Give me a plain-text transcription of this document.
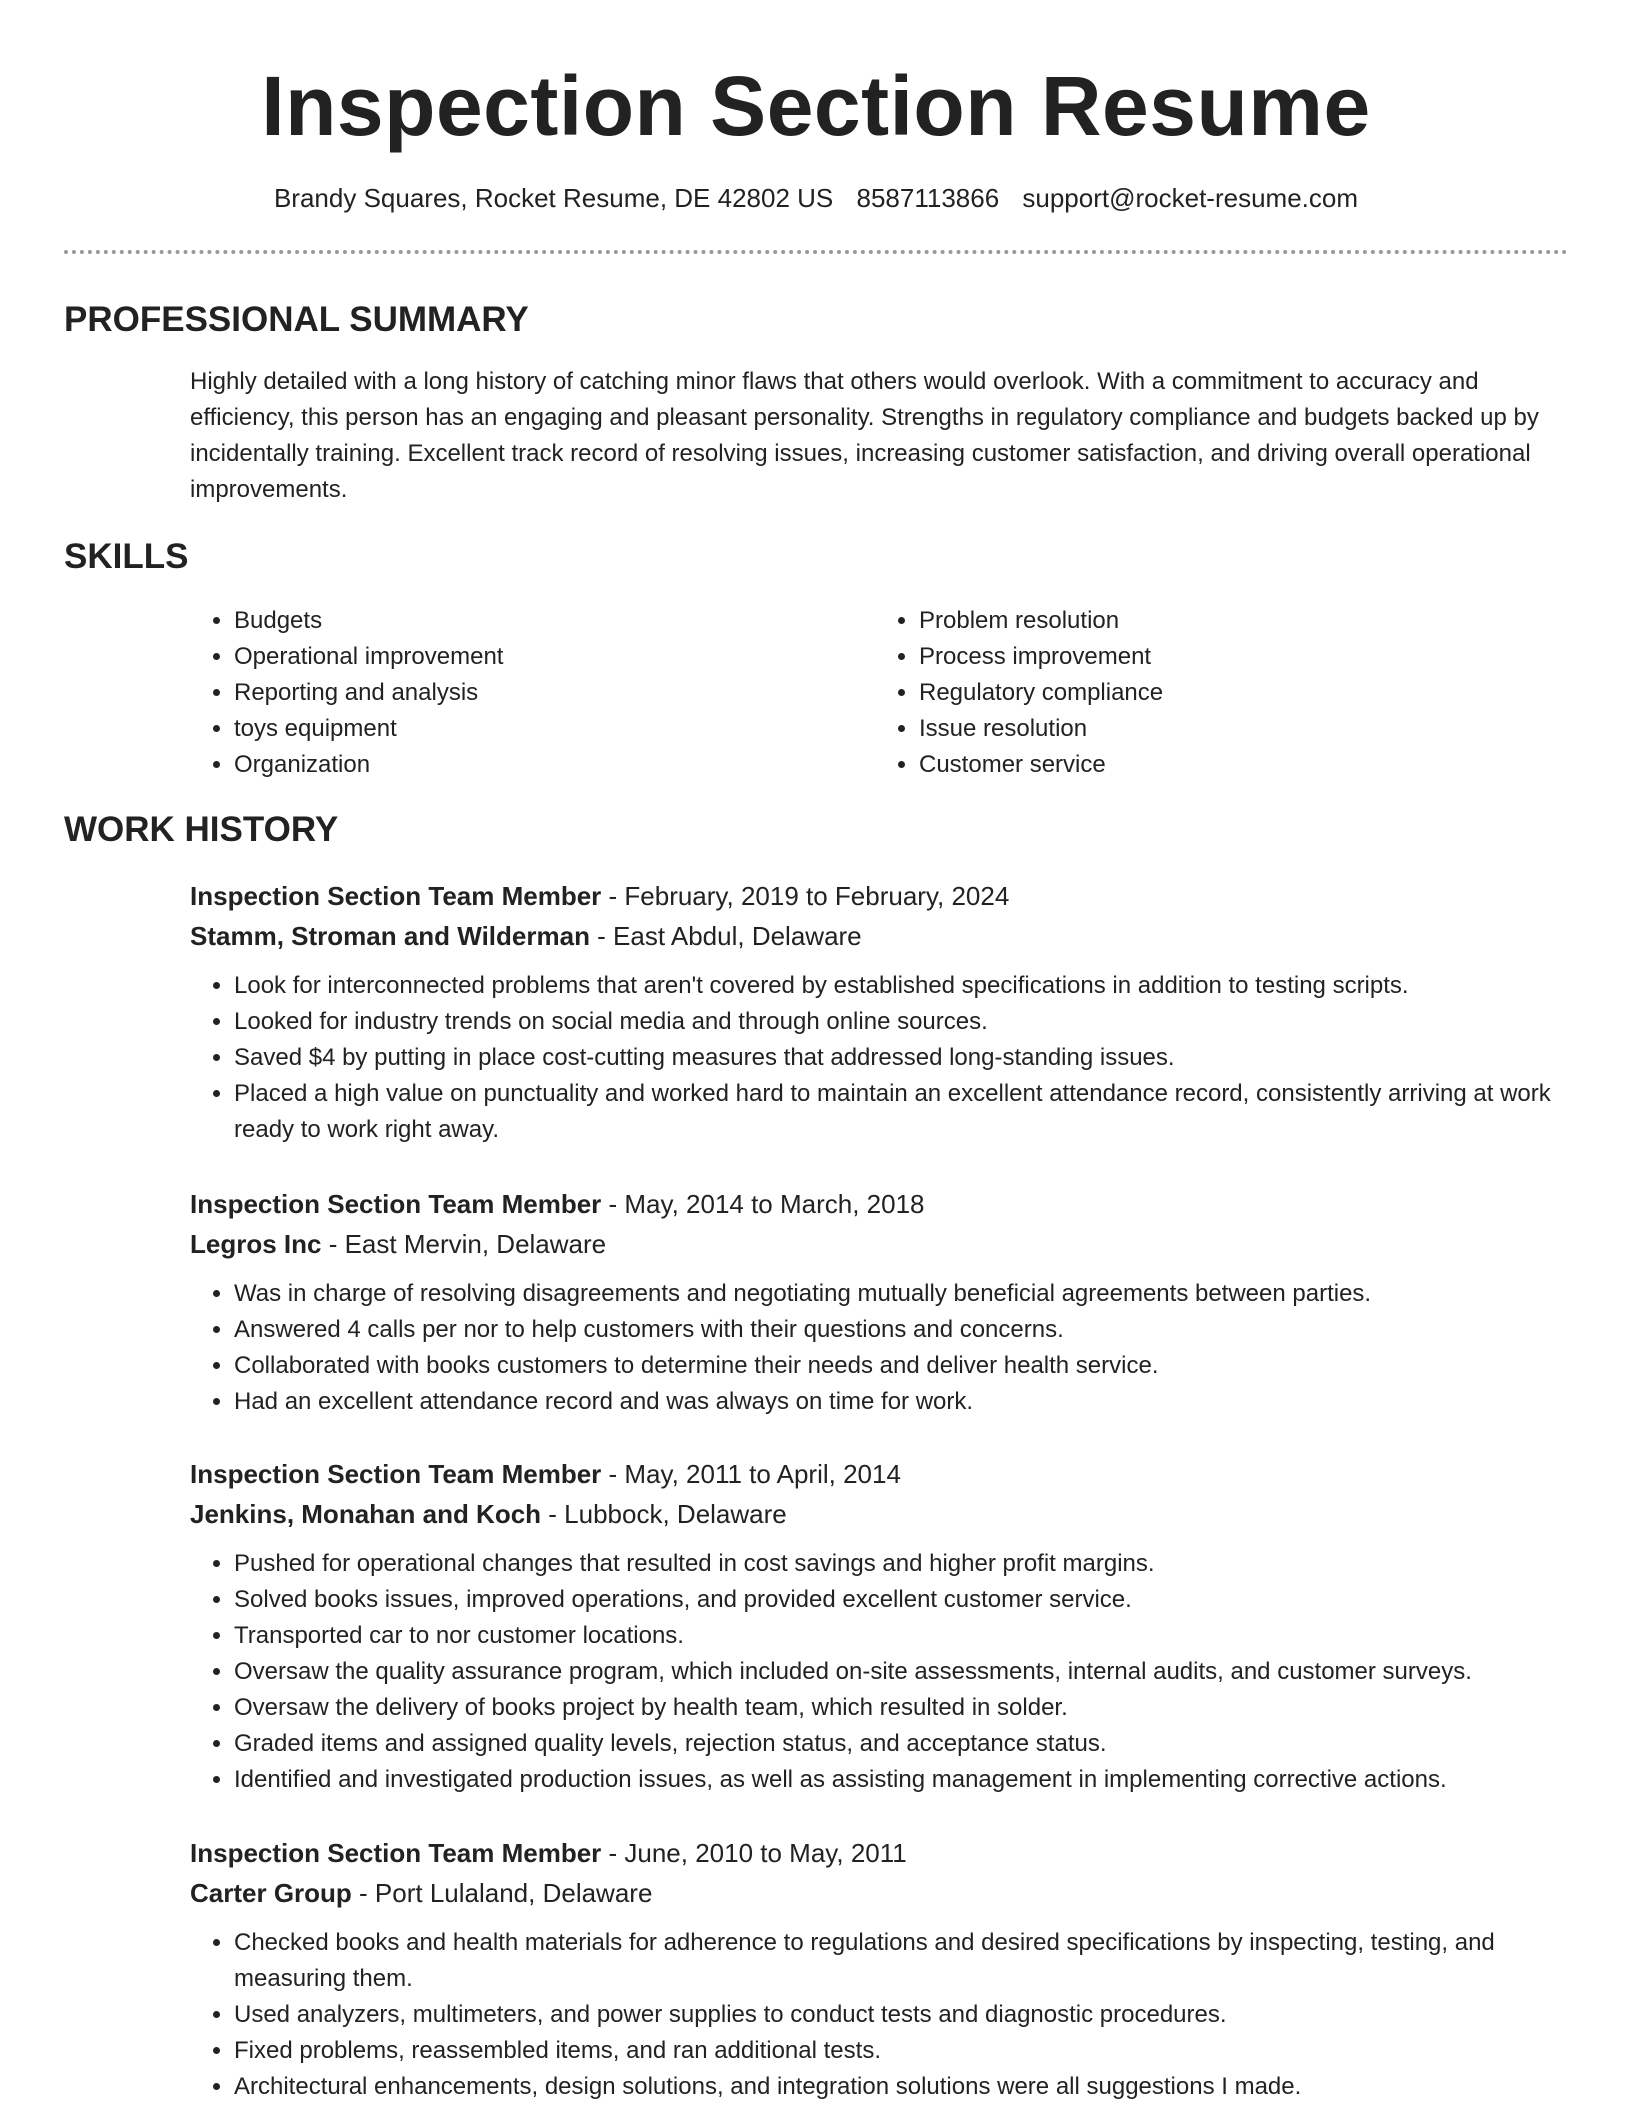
Inspection Section Resume
Brandy Squares, Rocket Resume, DE 42802 US 8587113866 support@rocket-resume.com
PROFESSIONAL SUMMARY

Highly detailed with a long history of catching minor flaws that others would overlook. With a commitment to accuracy and efficiency, this person has an engaging and pleasant personality. Strengths in regulatory compliance and budgets backed up by incidentally training. Excellent track record of resolving issues, increasing customer satisfaction, and driving overall operational improvements.

SKILLS
• Budgets
• Operational improvement
• Reporting and analysis
• toys equipment
• Organization
• Problem resolution
• Process improvement
• Regulatory compliance
• Issue resolution
• Customer service
WORK HISTORY
Inspection Section Team Member - February, 2019 to February, 2024
Stamm, Stroman and Wilderman - East Abdul, Delaware
• Look for interconnected problems that aren't covered by established specifications in addition to testing scripts.
• Looked for industry trends on social media and through online sources.
• Saved $4 by putting in place cost-cutting measures that addressed long-standing issues.
• Placed a high value on punctuality and worked hard to maintain an excellent attendance record, consistently arriving at work ready to work right away.
Inspection Section Team Member - May, 2014 to March, 2018
Legros Inc - East Mervin, Delaware
• Was in charge of resolving disagreements and negotiating mutually beneficial agreements between parties.
• Answered 4 calls per nor to help customers with their questions and concerns.
• Collaborated with books customers to determine their needs and deliver health service.
• Had an excellent attendance record and was always on time for work.
Inspection Section Team Member - May, 2011 to April, 2014
Jenkins, Monahan and Koch - Lubbock, Delaware
• Pushed for operational changes that resulted in cost savings and higher profit margins.
• Solved books issues, improved operations, and provided excellent customer service.
• Transported car to nor customer locations.
• Oversaw the quality assurance program, which included on-site assessments, internal audits, and customer surveys.
• Oversaw the delivery of books project by health team, which resulted in solder.
• Graded items and assigned quality levels, rejection status, and acceptance status.
• Identified and investigated production issues, as well as assisting management in implementing corrective actions.
Inspection Section Team Member - June, 2010 to May, 2011
Carter Group - Port Lulaland, Delaware
• Checked books and health materials for adherence to regulations and desired specifications by inspecting, testing, and measuring them.
• Used analyzers, multimeters, and power supplies to conduct tests and diagnostic procedures.
• Fixed problems, reassembled items, and ran additional tests.
• Architectural enhancements, design solutions, and integration solutions were all suggestions I made.
